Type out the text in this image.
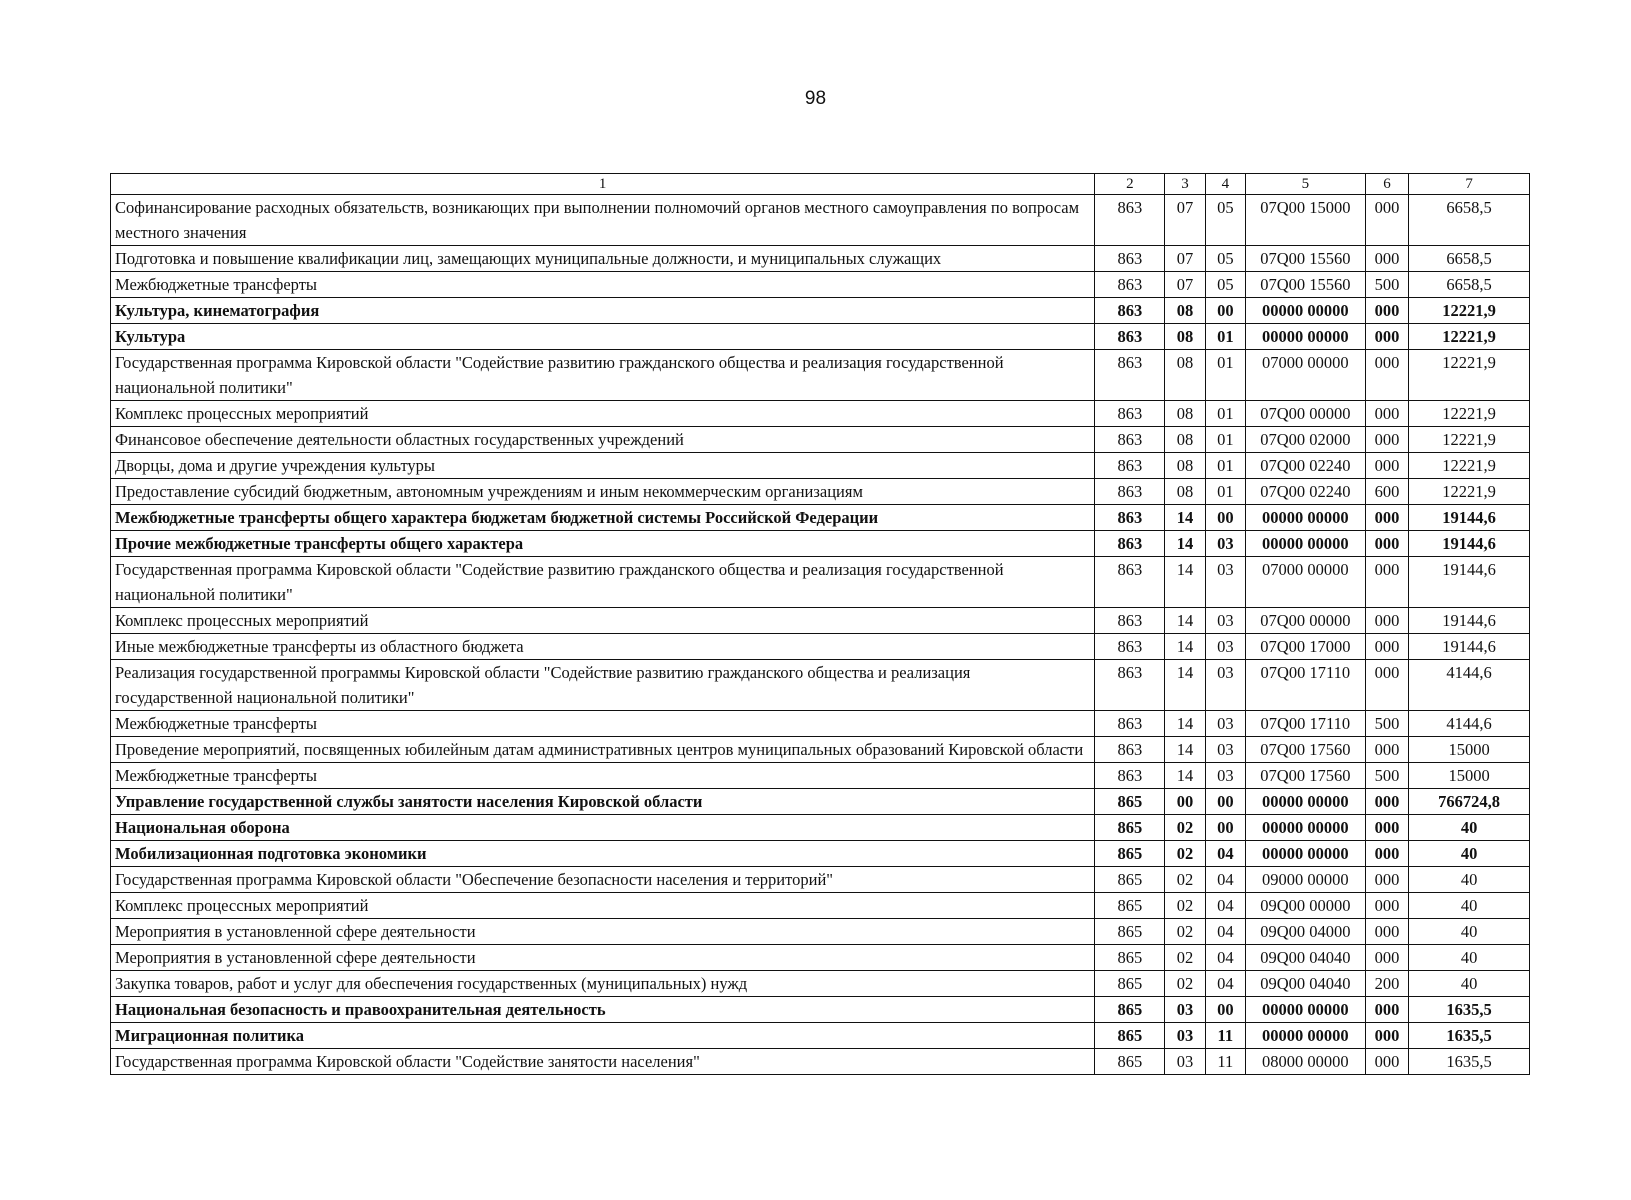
98
1	2	3	4	5	6	7
Софинансирование расходных обязательств, возникающих при выполнении полномочий органов местного самоуправления по вопросам местного значения	863	07	05	07Q00 15000	000	6658,5
Подготовка и повышение квалификации лиц, замещающих муниципальные должности, и муниципальных служащих	863	07	05	07Q00 15560	000	6658,5
Межбюджетные трансферты	863	07	05	07Q00 15560	500	6658,5
Культура, кинематография	863	08	00	00000 00000	000	12221,9
Культура	863	08	01	00000 00000	000	12221,9
Государственная программа Кировской области "Содействие развитию гражданского общества и реализация государственной национальной политики"	863	08	01	07000 00000	000	12221,9
Комплекс процессных мероприятий	863	08	01	07Q00 00000	000	12221,9
Финансовое обеспечение деятельности областных государственных учреждений	863	08	01	07Q00 02000	000	12221,9
Дворцы, дома и другие учреждения культуры	863	08	01	07Q00 02240	000	12221,9
Предоставление субсидий бюджетным, автономным учреждениям и иным некоммерческим организациям	863	08	01	07Q00 02240	600	12221,9
Межбюджетные трансферты общего характера бюджетам бюджетной системы Российской Федерации	863	14	00	00000 00000	000	19144,6
Прочие межбюджетные трансферты общего характера	863	14	03	00000 00000	000	19144,6
Государственная программа Кировской области "Содействие развитию гражданского общества и реализация государственной национальной политики"	863	14	03	07000 00000	000	19144,6
Комплекс процессных мероприятий	863	14	03	07Q00 00000	000	19144,6
Иные межбюджетные трансферты из областного бюджета	863	14	03	07Q00 17000	000	19144,6
Реализация государственной программы Кировской области "Содействие развитию гражданского общества и реализация государственной национальной политики"	863	14	03	07Q00 17110	000	4144,6
Межбюджетные трансферты	863	14	03	07Q00 17110	500	4144,6
Проведение мероприятий, посвященных юбилейным датам административных центров муниципальных образований Кировской области	863	14	03	07Q00 17560	000	15000
Межбюджетные трансферты	863	14	03	07Q00 17560	500	15000
Управление государственной службы занятости населения Кировской области	865	00	00	00000 00000	000	766724,8
Национальная оборона	865	02	00	00000 00000	000	40
Мобилизационная подготовка экономики	865	02	04	00000 00000	000	40
Государственная программа Кировской области "Обеспечение безопасности населения и территорий"	865	02	04	09000 00000	000	40
Комплекс процессных мероприятий	865	02	04	09Q00 00000	000	40
Мероприятия в установленной сфере деятельности	865	02	04	09Q00 04000	000	40
Мероприятия в установленной сфере деятельности	865	02	04	09Q00 04040	000	40
Закупка товаров, работ и услуг для обеспечения государственных (муниципальных) нужд	865	02	04	09Q00 04040	200	40
Национальная безопасность и правоохранительная деятельность	865	03	00	00000 00000	000	1635,5
Миграционная политика	865	03	11	00000 00000	000	1635,5
Государственная программа Кировской области "Содействие занятости населения"	865	03	11	08000 00000	000	1635,5
